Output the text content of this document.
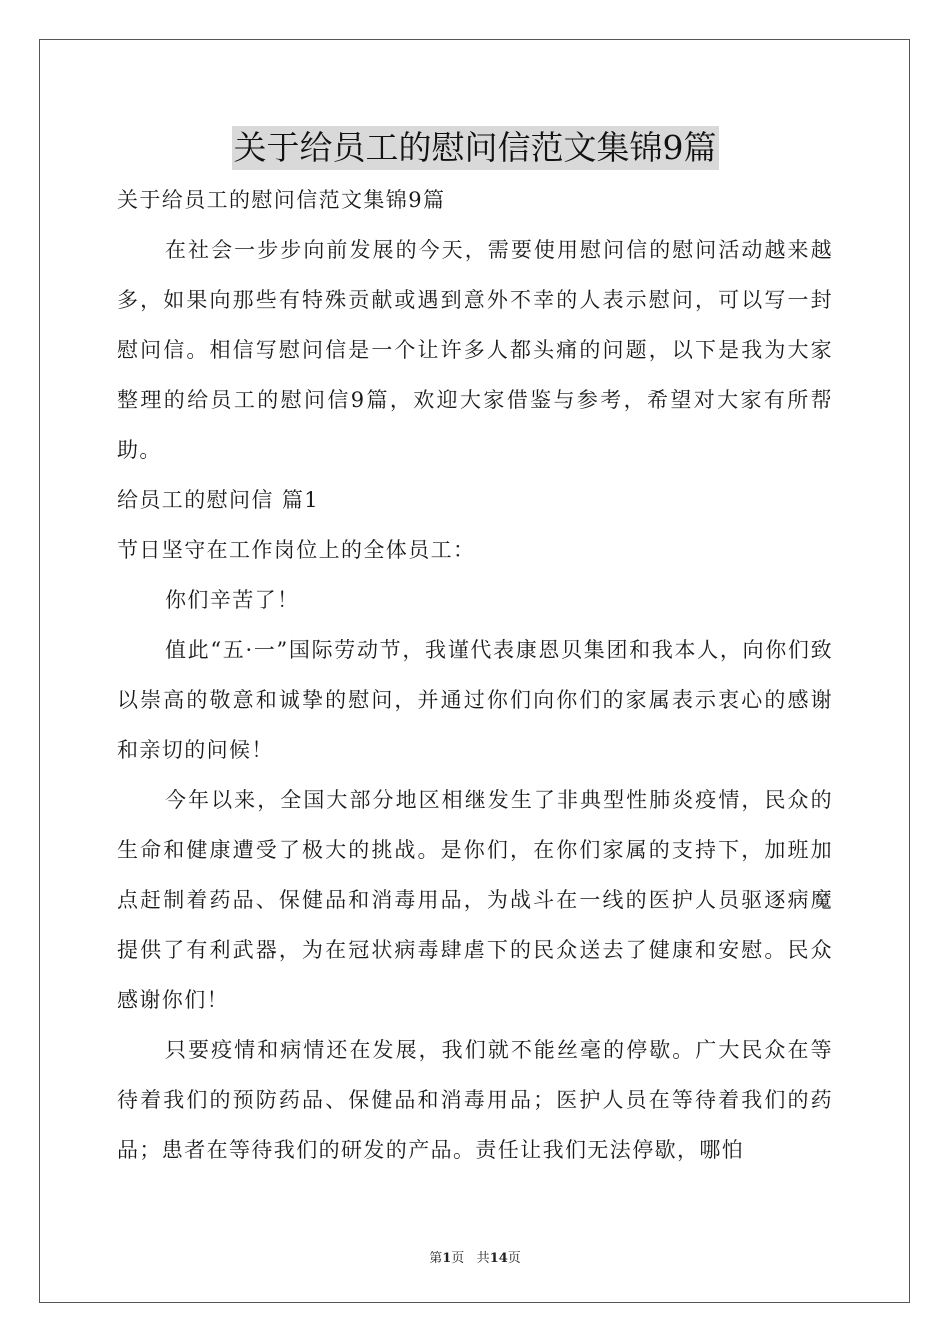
关于给员工的慰问信范文集锦9篇

关于给员工的慰问信范文集锦9篇

在社会一步步向前发展的今天，需要使用慰问信的慰问活动越来越多，如果向那些有特殊贡献或遇到意外不幸的人表示慰问，可以写一封慰问信。相信写慰问信是一个让许多人都头痛的问题，以下是我为大家整理的给员工的慰问信9篇，欢迎大家借鉴与参考，希望对大家有所帮助。

给员工的慰问信 篇1

节日坚守在工作岗位上的全体员工：

你们辛苦了！

值此“五·一”国际劳动节，我谨代表康恩贝集团和我本人，向你们致以崇高的敬意和诚挚的慰问，并通过你们向你们的家属表示衷心的感谢和亲切的问候！

今年以来，全国大部分地区相继发生了非典型性肺炎疫情，民众的生命和健康遭受了极大的挑战。是你们，在你们家属的支持下，加班加点赶制着药品、保健品和消毒用品，为战斗在一线的医护人员驱逐病魔提供了有利武器，为在冠状病毒肆虐下的民众送去了健康和安慰。民众感谢你们！

只要疫情和病情还在发展，我们就不能丝毫的停歇。广大民众在等待着我们的预防药品、保健品和消毒用品；医护人员在等待着我们的药品；患者在等待我们的研发的产品。责任让我们无法停歇，哪怕

第1页 共14页
